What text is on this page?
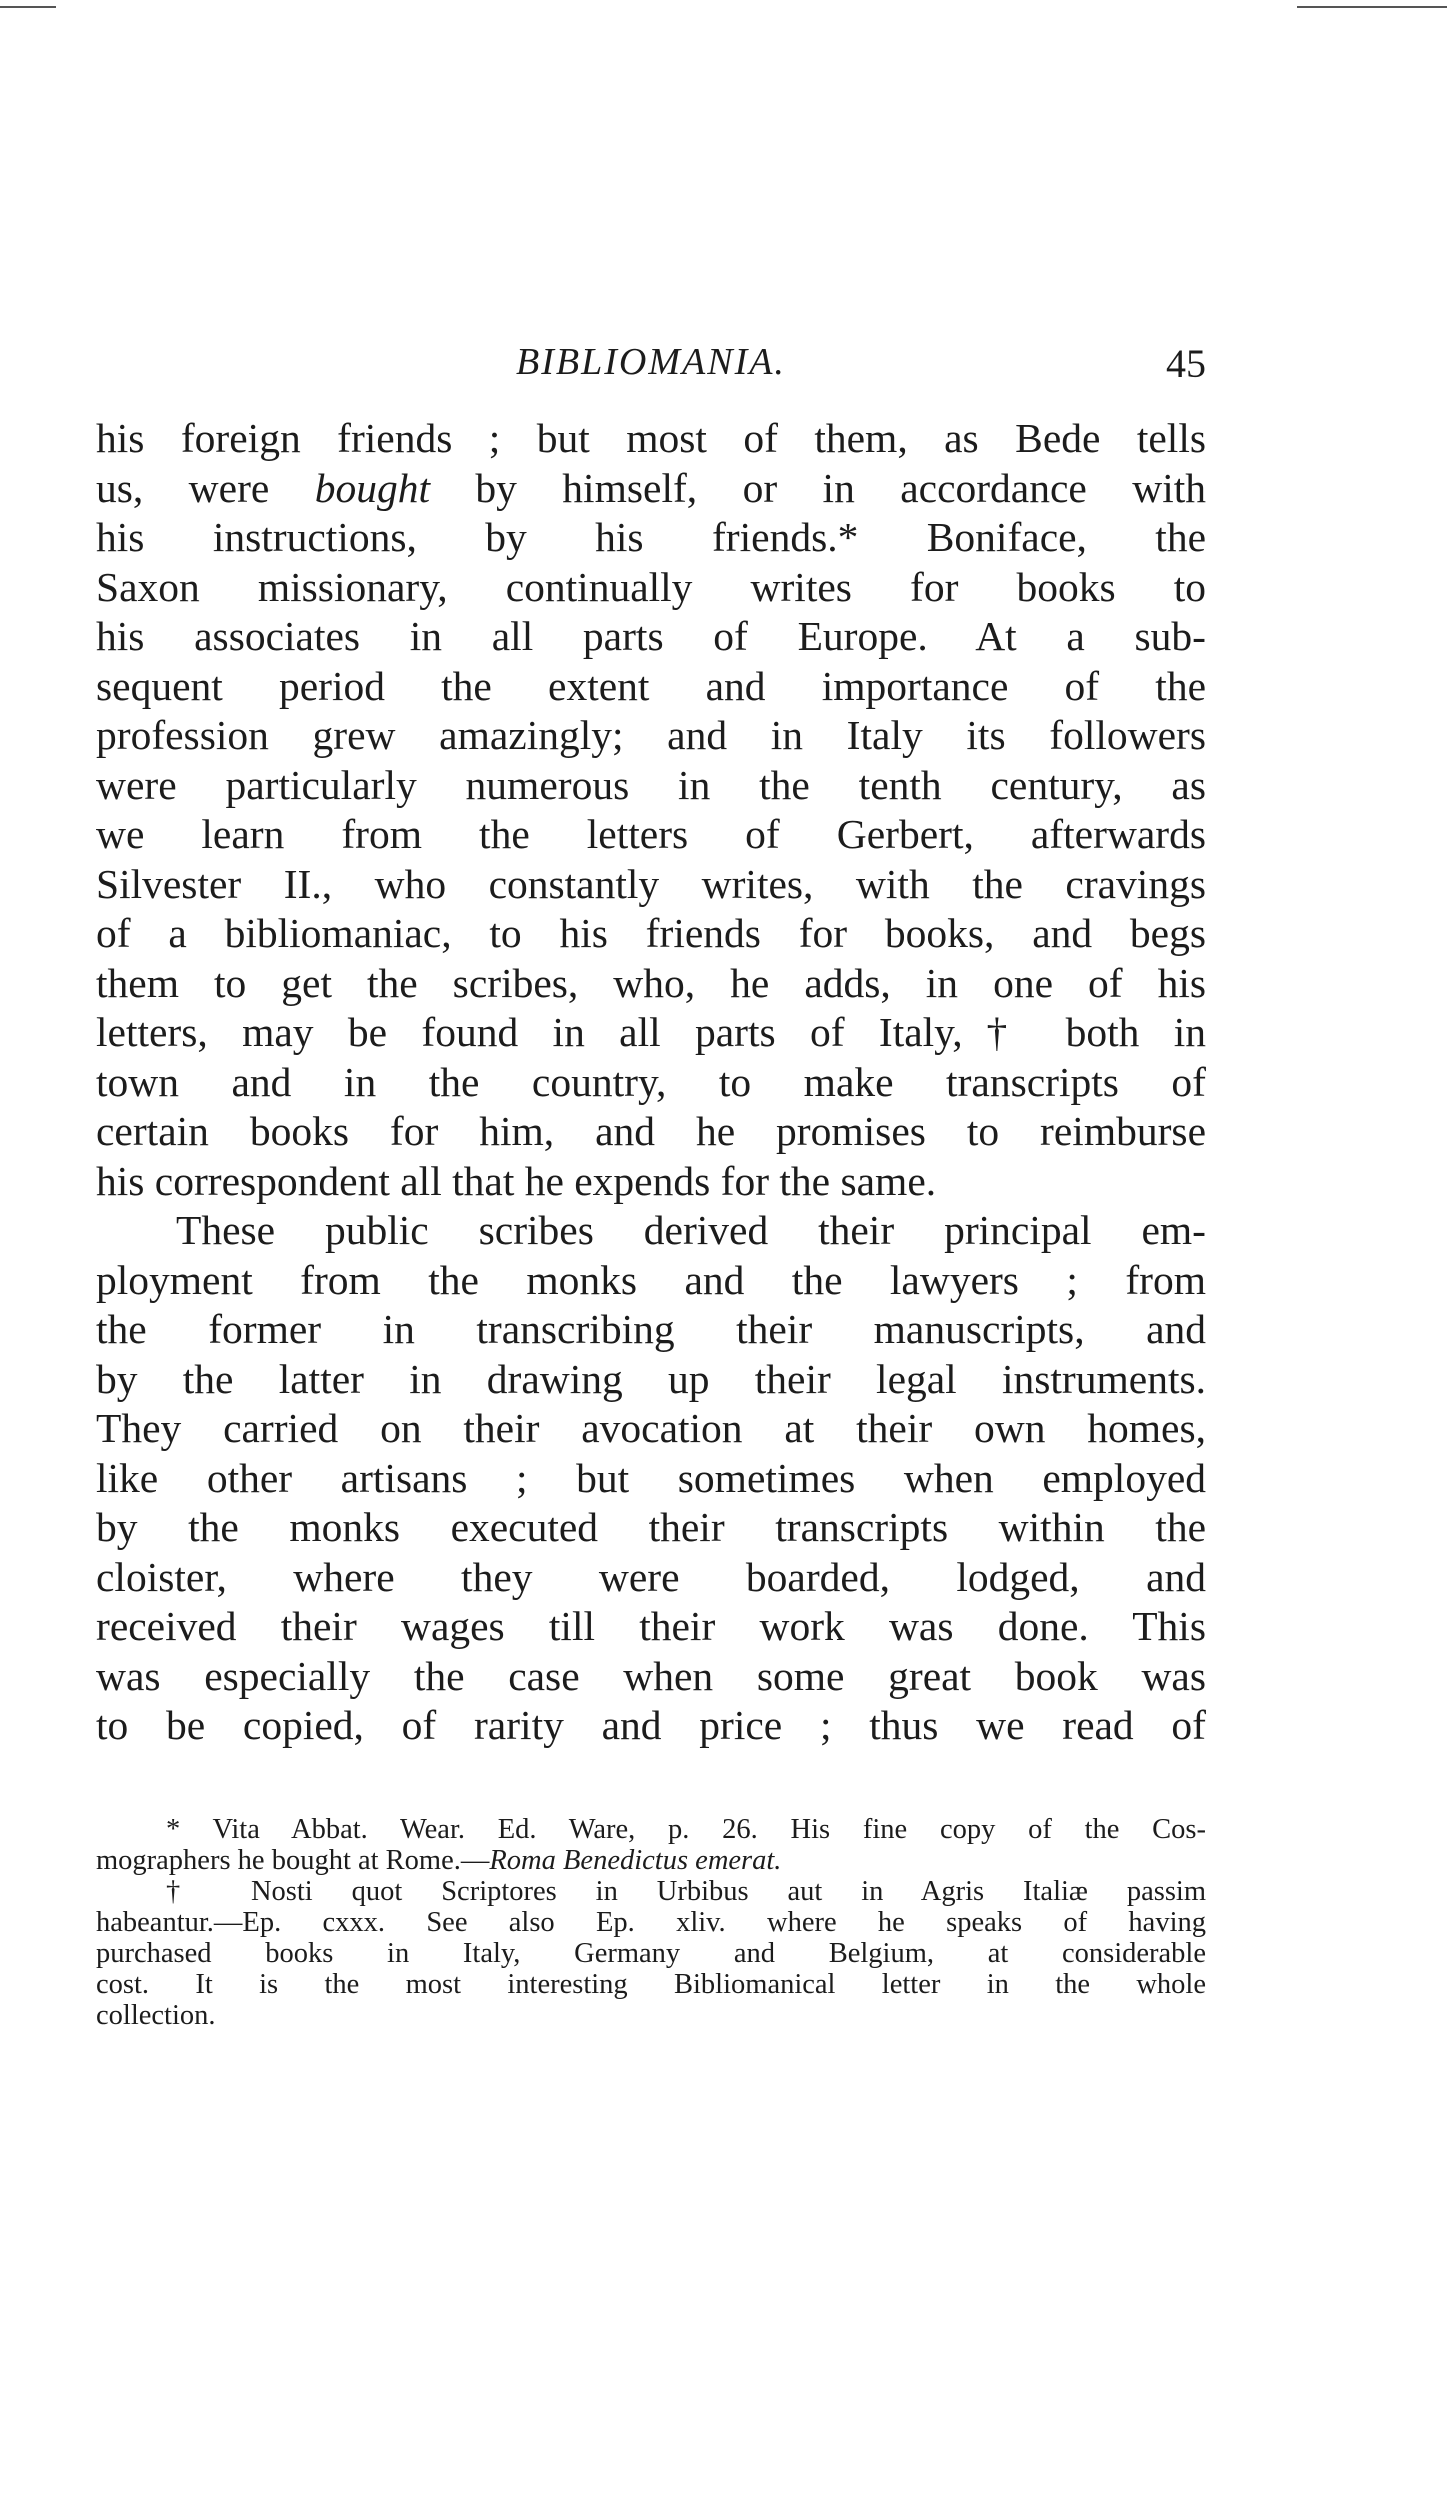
BIBLIOMANIA.	45
his foreign friends ; but most of them, as Bede tells
us, were bought by himself, or in accordance with
his instructions, by his friends.* Boniface, the
Saxon missionary, continually writes for books to
his associates in all parts of Europe. At a sub-
sequent period the extent and importance of the
profession grew amazingly; and in Italy its followers
were particularly numerous in the tenth century, as
we learn from the letters of Gerbert, afterwards
Silvester II., who constantly writes, with the cravings
of a bibliomaniac, to his friends for books, and begs
them to get the scribes, who, he adds, in one of his
letters, may be found in all parts of Italy,† both in
town and in the country, to make transcripts of
certain books for him, and he promises to reimburse
his correspondent all that he expends for the same.
These public scribes derived their principal em-
ployment from the monks and the lawyers ; from
the former in transcribing their manuscripts, and
by the latter in drawing up their legal instruments.
They carried on their avocation at their own homes,
like other artisans ; but sometimes when employed
by the monks executed their transcripts within the
cloister, where they were boarded, lodged, and
received their wages till their work was done. This
was especially the case when some great book was
to be copied, of rarity and price ; thus we read of
* Vita Abbat. Wear. Ed. Ware, p. 26. His fine copy of the Cos-
mographers he bought at Rome.—Roma Benedictus emerat.
† Nosti quot Scriptores in Urbibus aut in Agris Italiæ passim
habeantur.—Ep. cxxx. See also Ep. xliv. where he speaks of having
purchased books in Italy, Germany and Belgium, at considerable
cost. It is the most interesting Bibliomanical letter in the whole
collection.
